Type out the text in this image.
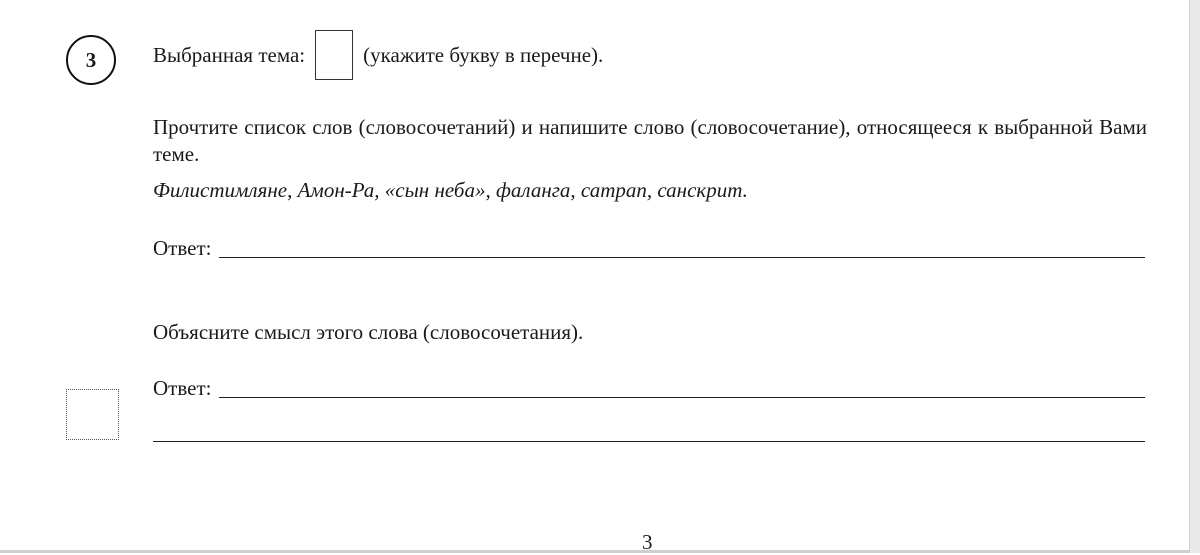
3	Выбранная тема:	(укажите букву в перечне).
Прочтите список слов (словосочетаний) и напишите слово (словосочетание), относящееся к выбранной Вами теме.
Филистимляне, Амон-Ра, «сын неба», фаланга, сатрап, санскрит.
Ответ:
Объясните смысл этого слова (словосочетания).
Ответ:
3
